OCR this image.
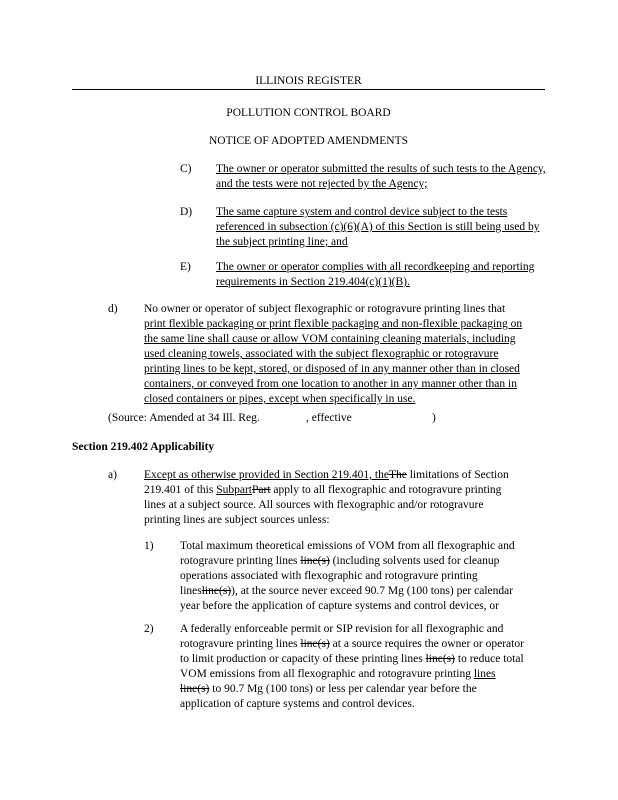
ILLINOIS REGISTER
POLLUTION CONTROL BOARD
NOTICE OF ADOPTED AMENDMENTS
C) The owner or operator submitted the results of such tests to the Agency, and the tests were not rejected by the Agency;
D) The same capture system and control device subject to the tests referenced in subsection (c)(6)(A) of this Section is still being used by the subject printing line; and
E) The owner or operator complies with all recordkeeping and reporting requirements in Section 219.404(c)(1)(B).
d) No owner or operator of subject flexographic or rotogravure printing lines that

print flexible packaging or print flexible packaging and non-flexible packaging on

the same line shall cause or allow VOM containing cleaning materials, including

used cleaning towels, associated with the subject flexographic or rotogravure

printing lines to be kept, stored, or disposed of in any manner other than in closed

containers, or conveyed from one location to another in any manner other than in

closed containers or pipes, except when specifically in use.

(Source: Amended at 34 Ill. Reg.	, effective	)
Section 219.402 Applicability
a) Except as otherwise provided in Section 219.401, theThe limitations of Section

219.401 of this SubpartPart apply to all flexographic and rotogravure printing

lines at a subject source. All sources with flexographic and/or rotogravure

printing lines are subject sources unless:

1) Total maximum theoretical emissions of VOM from all flexographic and

rotogravure printing lines line(s) (including solvents used for cleanup

operations associated with flexographic and rotogravure printing

linesline(s)), at the source never exceed 90.7 Mg (100 tons) per calendar

year before the application of capture systems and control devices, or

2) A federally enforceable permit or SIP revision for all flexographic and

rotogravure printing lines line(s) at a source requires the owner or operator

to limit production or capacity of these printing lines line(s) to reduce total

VOM emissions from all flexographic and rotogravure printing lines

line(s) to 90.7 Mg (100 tons) or less per calendar year before the

application of capture systems and control devices.
